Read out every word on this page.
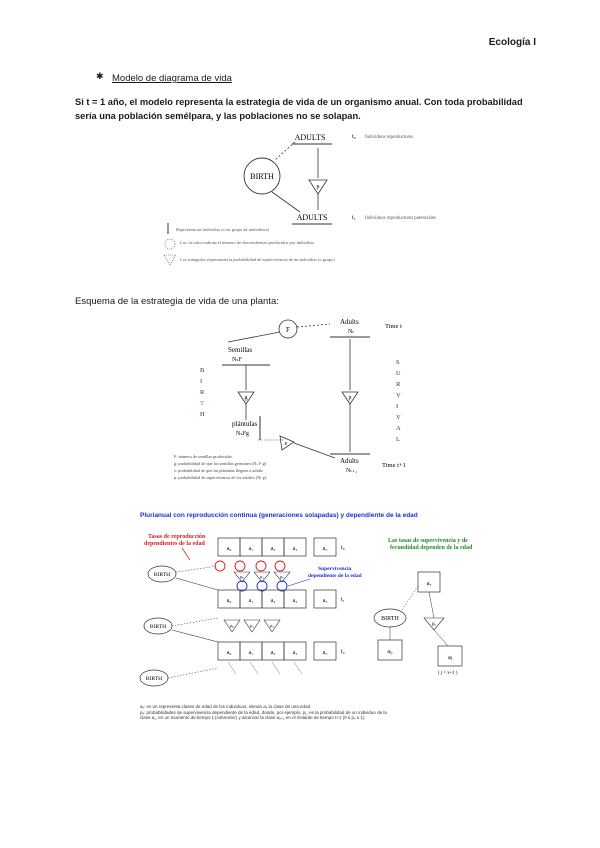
Ecología I
✱ Modelo de diagrama de vida
Si t = 1 año, el modelo representa la estrategia de vida de un organismo anual. Con toda probabilidad sería una población semélpara, y las poblaciones no se solapan.
BIRTH
ADULTS	t₀ Individuos reproductores
p
ADULTS	t₁ Individuos reproductores potenciales
Representa un individuo (o un grupo de individuos)
Los círculos indican el número de descendientes producidos por individuo
Los triángulos representan la probabilidad de supervivencia de un individuo (o grupo)
Esquema de la estrategia de vida de una planta:
F
Adults
Nₜ
Time t
Semillas
NₛF
g
plántulas
NₛFg
e
p
Adults
Nₜ₊₁
Time t+1
B
I
R
T
H
S
U
R
V
I
V
A
L
F: número de semillas producidas
g: probabilidad de que las semillas germinen (Nₛ F g)
e: probabilidad de que las plántulas lleguen a adulto
p: probabilidad de supervivencia de los adultos (Nₜ p)
Plurianual con reproducción continua (generaciones solapadas) y dependiente de la edad
Tasas de reproducción
dependientes de la edad	Las tasas de supervivencia y de
fecundidad dependen de la edad
a₀	a₁	a₂	a₃	aₓ t₀
BIRTH	p₀	p₁	p₂
Supervivencia
dependiente de la edad
a₀	a₁	a₂	a₃	aₓ t₁
BIRTH	p₀	p₁	p₂
a₀	a₁	a₂	a₃	aₓ t₂
BIRTH
aₓ
BIRTH
pₓ
a₀
aⱼ
( j = x+1 )
aₓ: es un representa clases de edad de los individuos, siendo aₓ la clase de una edad
pₓ: probabilidades de supervivencia dependiente de la edad, donde, por ejemplo, p₁, es la probabilidad de un individuo de la
clase a₁, en un momento de tiempo tᵢ (sobrevivir) y alcanzar la clase aₓ₊₁ en el instante de tiempo t+1 (0 ≤ pₓ ≤ 1)
